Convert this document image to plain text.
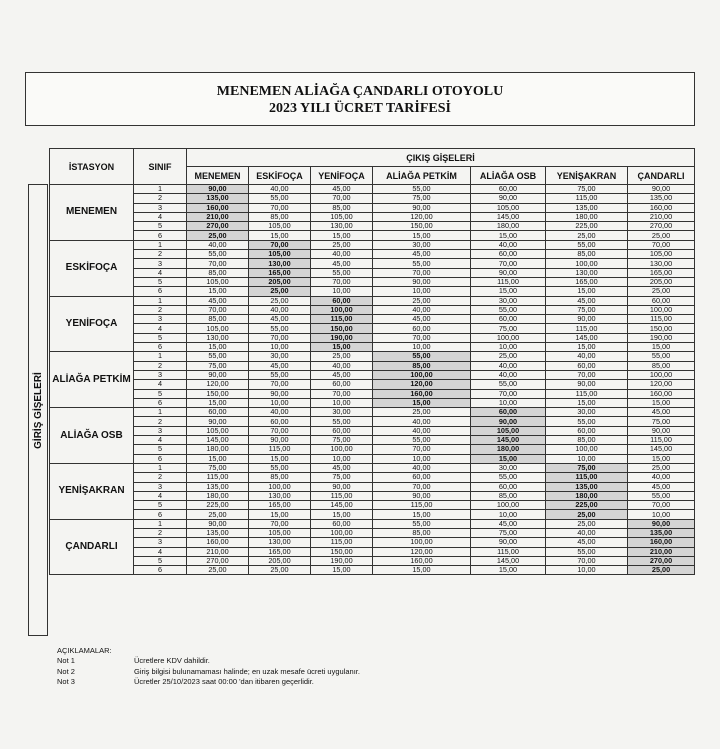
MENEMEN ALİAĞA ÇANDARLI OTOYOLU
2023 YILI ÜCRET TARİFESİ
GİRİŞ GİŞELERİ
İSTASYON	SINIF	ÇIKIŞ GİŞELERİ						
		MENEMEN	ESKİFOÇA	YENİFOÇA	ALİAĞA PETKİM	ALİAĞA OSB	YENİŞAKRAN	ÇANDARLI
MENEMEN	1	90,00	40,00	45,00	55,00	60,00	75,00	90,00
	2	135,00	55,00	70,00	75,00	90,00	115,00	135,00
	3	160,00	70,00	85,00	90,00	105,00	135,00	160,00
	4	210,00	85,00	105,00	120,00	145,00	180,00	210,00
	5	270,00	105,00	130,00	150,00	180,00	225,00	270,00
	6	25,00	15,00	15,00	15,00	15,00	25,00	25,00
ESKİFOÇA	1	40,00	70,00	25,00	30,00	40,00	55,00	70,00
	2	55,00	105,00	40,00	45,00	60,00	85,00	105,00
	3	70,00	130,00	45,00	55,00	70,00	100,00	130,00
	4	85,00	165,00	55,00	70,00	90,00	130,00	165,00
	5	105,00	205,00	70,00	90,00	115,00	165,00	205,00
	6	15,00	25,00	10,00	10,00	15,00	15,00	25,00
YENİFOÇA	1	45,00	25,00	60,00	25,00	30,00	45,00	60,00
	2	70,00	40,00	100,00	40,00	55,00	75,00	100,00
	3	85,00	45,00	115,00	45,00	60,00	90,00	115,00
	4	105,00	55,00	150,00	60,00	75,00	115,00	150,00
	5	130,00	70,00	190,00	70,00	100,00	145,00	190,00
	6	15,00	10,00	15,00	10,00	10,00	15,00	15,00
ALİAĞA PETKİM	1	55,00	30,00	25,00	55,00	25,00	40,00	55,00
	2	75,00	45,00	40,00	85,00	40,00	60,00	85,00
	3	90,00	55,00	45,00	100,00	40,00	70,00	100,00
	4	120,00	70,00	60,00	120,00	55,00	90,00	120,00
	5	150,00	90,00	70,00	160,00	70,00	115,00	160,00
	6	15,00	10,00	10,00	15,00	10,00	15,00	15,00
ALİAĞA OSB	1	60,00	40,00	30,00	25,00	60,00	30,00	45,00
	2	90,00	60,00	55,00	40,00	90,00	55,00	75,00
	3	105,00	70,00	60,00	40,00	105,00	60,00	90,00
	4	145,00	90,00	75,00	55,00	145,00	85,00	115,00
	5	180,00	115,00	100,00	70,00	180,00	100,00	145,00
	6	15,00	15,00	10,00	10,00	15,00	10,00	15,00
YENİŞAKRAN	1	75,00	55,00	45,00	40,00	30,00	75,00	25,00
	2	115,00	85,00	75,00	60,00	55,00	115,00	40,00
	3	135,00	100,00	90,00	70,00	60,00	135,00	45,00
	4	180,00	130,00	115,00	90,00	85,00	180,00	55,00
	5	225,00	165,00	145,00	115,00	100,00	225,00	70,00
	6	25,00	15,00	15,00	15,00	10,00	25,00	10,00
ÇANDARLI	1	90,00	70,00	60,00	55,00	45,00	25,00	90,00
	2	135,00	105,00	100,00	85,00	75,00	40,00	135,00
	3	160,00	130,00	115,00	100,00	90,00	45,00	160,00
	4	210,00	165,00	150,00	120,00	115,00	55,00	210,00
	5	270,00	205,00	190,00	160,00	145,00	70,00	270,00
	6	25,00	25,00	15,00	15,00	15,00	10,00	25,00
AÇIKLAMALAR:
Not 1	Ücretlere KDV dahildir.
Not 2	Giriş bilgisi bulunamaması halinde; en uzak mesafe ücreti uygulanır.
Not 3	Ücretler 25/10/2023 saat 00:00 'dan itibaren geçerlidir.
